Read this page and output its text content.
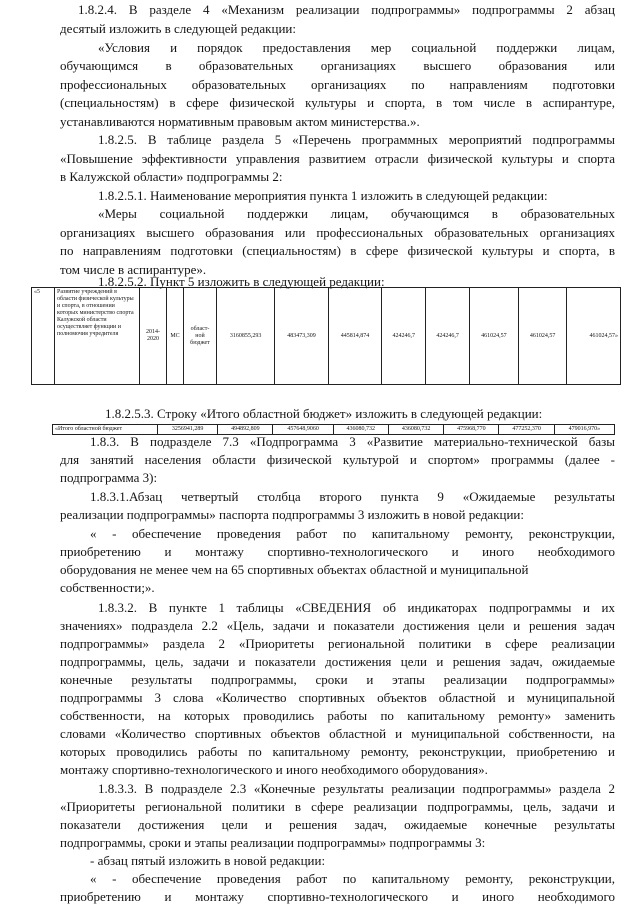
1.8.2.4. В разделе 4 «Механизм реализации подпрограммы» подпрограммы 2 абзац
десятый изложить в следующей редакции:
«Условия и порядок предоставления мер социальной поддержки лицам,
обучающимся в образовательных организациях высшего образования или
профессиональных образовательных организациях по направлениям подготовки
(специальностям) в сфере физической культуры и спорта, в том числе в аспирантуре,
устанавливаются нормативным правовым актом министерства.».
1.8.2.5. В таблице раздела 5 «Перечень программных мероприятий подпрограммы
«Повышение эффективности управления развитием отрасли физической культуры и спорта
в Калужской области» подпрограммы 2:
1.8.2.5.1. Наименование мероприятия пункта 1 изложить в следующей редакции:
«Меры социальной поддержки лицам, обучающимся в образовательных
организациях высшего образования или профессиональных образовательных организациях
по направлениям подготовки (специальностям) в сфере физической культуры и спорта, в
том числе в аспирантуре».
1.8.2.5.2. Пункт 5 изложить в следующей редакции:
1.8.2.5.3. Строку «Итого областной бюджет» изложить в следующей редакции:
1.8.3. В подразделе 7.3 «Подпрограмма 3 «Развитие материально-технической базы
для занятий населения области физической культурой и спортом» программы (далее -
подпрограмма 3):
1.8.3.1.Абзац четвертый столбца второго пункта 9 «Ожидаемые результаты
реализации подпрограммы» паспорта подпрограммы 3 изложить в новой редакции:
« - обеспечение проведения работ по капитальному ремонту, реконструкции,
приобретению и монтажу спортивно-технологического и иного необходимого
оборудования не менее чем на 65 спортивных объектах областной и муниципальной
собственности;».
1.8.3.2. В пункте 1 таблицы «СВЕДЕНИЯ об индикаторах подпрограммы и их
значениях» подраздела 2.2 «Цель, задачи и показатели достижения цели и решения задач
подпрограммы» раздела 2 «Приоритеты региональной политики в сфере реализации
подпрограммы, цель, задачи и показатели достижения цели и решения задач, ожидаемые
конечные результаты подпрограммы, сроки и этапы реализации подпрограммы»
подпрограммы 3 слова «Количество спортивных объектов областной и муниципальной
собственности, на которых проводились работы по капитальному ремонту» заменить
словами «Количество спортивных объектов областной и муниципальной собственности, на
которых проводились работы по капитальному ремонту, реконструкции, приобретению и
монтажу спортивно-технологического и иного необходимого оборудования».
1.8.3.3. В подразделе 2.3 «Конечные результаты реализации подпрограммы» раздела 2
«Приоритеты региональной политики в сфере реализации подпрограммы, цель, задачи и
показатели достижения цели и решения задач, ожидаемые конечные результаты
подпрограммы, сроки и этапы реализации подпрограммы» подпрограммы 3:
- абзац пятый изложить в новой редакции:
« - обеспечение проведения работ по капитальному ремонту, реконструкции,
приобретению и монтажу спортивно-технологического и иного необходимого
«5	Развитие учреждений в области физической культуры и спорта, в отношении которых министерство спорта Калужской области осуществляет функции и полномочия учредителя	2014-2020	МС	област-ной бюджет	3160855,293	483473,309	445814,874	424246,7	424246,7	461024,57	461024,57	461024,57»
«Итого областной бюджет	3256941,289	494892,809	457648,9060	436080,732	436080,732	475968,770	477252,370	479016,970»
